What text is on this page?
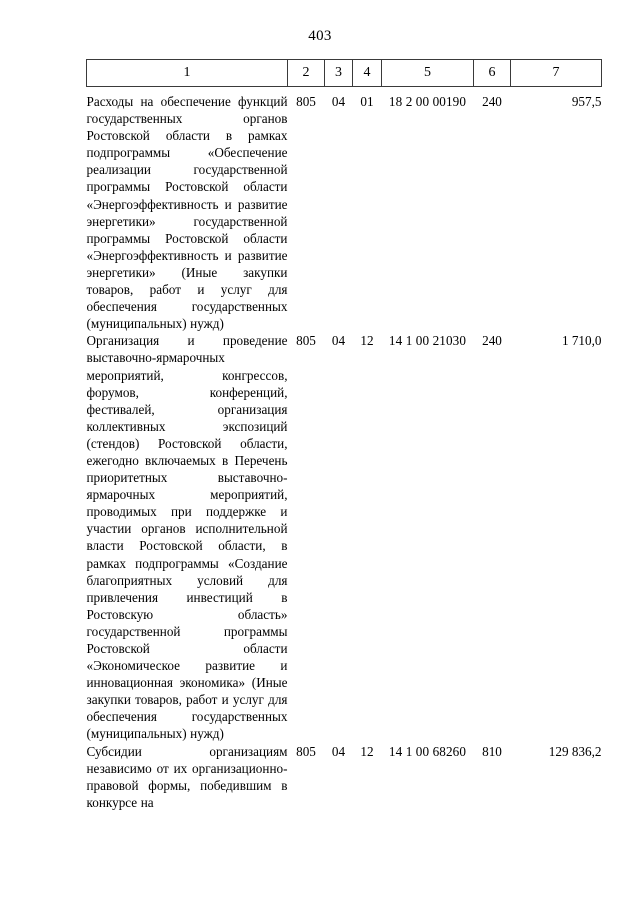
403
1	2	3	4	5	6	7
Расходы на обеспечение функций государственных органов Ростовской области в рамках подпрограммы «Обеспечение реализации государственной программы Ростовской области «Энергоэффективность и развитие энергетики» государственной программы Ростовской области «Энергоэффективность и развитие энергетики» (Иные закупки товаров, работ и услуг для обеспечения государственных (муниципальных) нужд)	805	04	01	18 2 00 00190	240	957,5
Организация и проведение выставочно-ярмарочных мероприятий, конгрессов, форумов, конференций, фестивалей, организация коллективных экспозиций (стендов) Ростовской области, ежегодно включаемых в Перечень приоритетных выставочно-ярмарочных мероприятий, проводимых при поддержке и участии органов исполнительной власти Ростовской области, в рамках подпрограммы «Создание благоприятных условий для привлечения инвестиций в Ростовскую область» государственной программы Ростовской области «Экономическое развитие и инновационная экономика» (Иные закупки товаров, работ и услуг для обеспечения государственных (муниципальных) нужд)	805	04	12	14 1 00 21030	240	1 710,0
Субсидии организациям независимо от их организационно-правовой формы, победившим в конкурсе на	805	04	12	14 1 00 68260	810	129 836,2
